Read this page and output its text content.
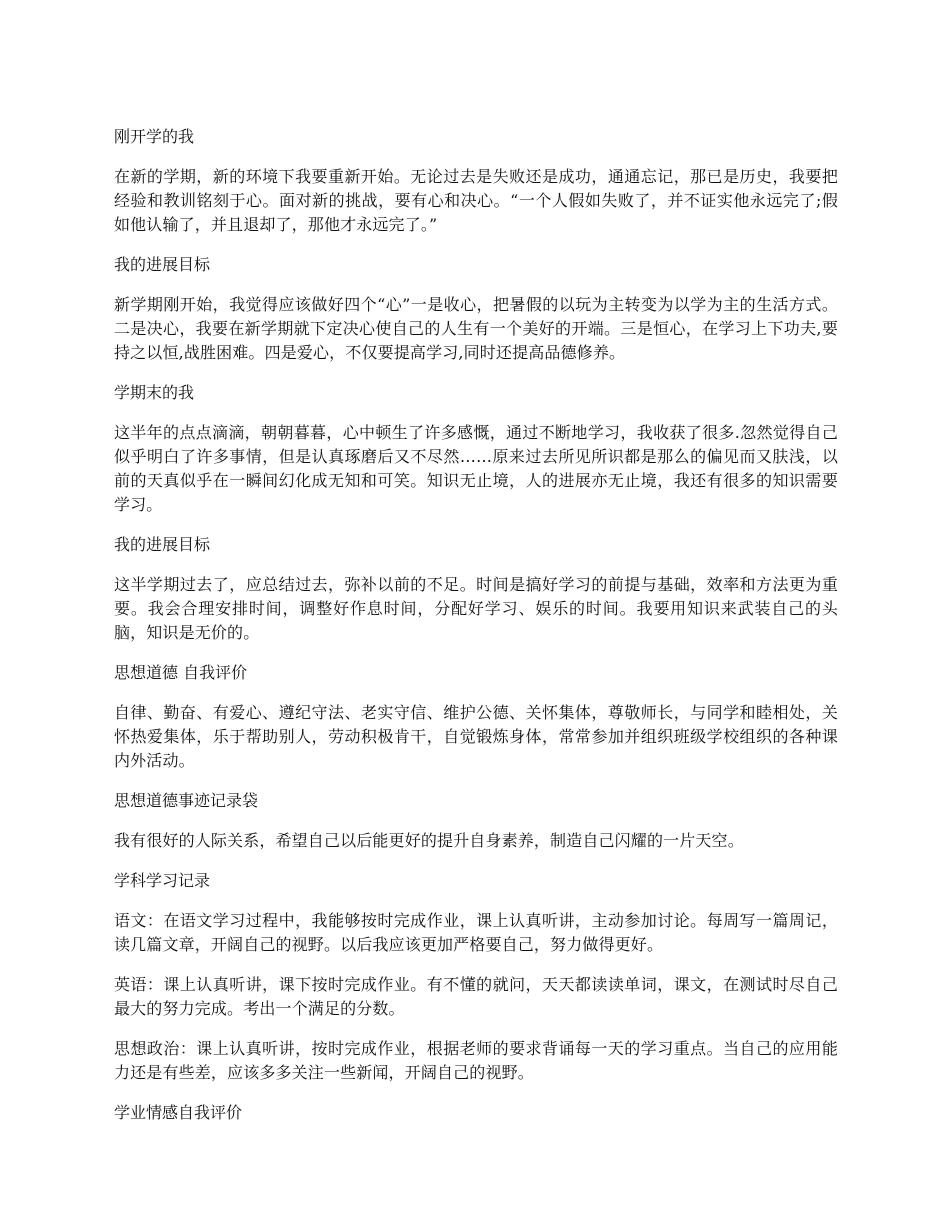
刚开学的我
在新的学期，新的环境下我要重新开始。无论过去是失败还是成功，通通忘记，那已是历史，我要把经验和教训铭刻于心。面对新的挑战，要有心和决心。“一个人假如失败了，并不证实他永远完了;假如他认输了，并且退却了，那他才永远完了。”
我的进展目标
新学期刚开始，我觉得应该做好四个“心”一是收心，把暑假的以玩为主转变为以学为主的生活方式。二是决心，我要在新学期就下定决心使自己的人生有一个美好的开端。三是恒心，在学习上下功夫,要持之以恒,战胜困难。四是爱心，不仅要提高学习,同时还提高品德修养。
学期末的我
这半年的点点滴滴，朝朝暮暮，心中顿生了许多感慨，通过不断地学习，我收获了很多.忽然觉得自己似乎明白了许多事情，但是认真琢磨后又不尽然……原来过去所见所识都是那么的偏见而又肤浅，以前的天真似乎在一瞬间幻化成无知和可笑。知识无止境，人的进展亦无止境，我还有很多的知识需要学习。
我的进展目标
这半学期过去了，应总结过去，弥补以前的不足。时间是搞好学习的前提与基础，效率和方法更为重要。我会合理安排时间，调整好作息时间，分配好学习、娱乐的时间。我要用知识来武装自己的头脑，知识是无价的。
思想道德 自我评价
自律、勤奋、有爱心、遵纪守法、老实守信、维护公德、关怀集体，尊敬师长，与同学和睦相处，关怀热爱集体，乐于帮助别人，劳动积极肯干，自觉锻炼身体，常常参加并组织班级学校组织的各种课内外活动。
思想道德事迹记录袋
我有很好的人际关系，希望自己以后能更好的提升自身素养，制造自己闪耀的一片天空。
学科学习记录
语文：在语文学习过程中，我能够按时完成作业，课上认真听讲，主动参加讨论。每周写一篇周记，读几篇文章，开阔自己的视野。以后我应该更加严格要自己，努力做得更好。
英语：课上认真听讲，课下按时完成作业。有不懂的就问，天天都读读单词，课文，在测试时尽自己最大的努力完成。考出一个满足的分数。
思想政治：课上认真听讲，按时完成作业，根据老师的要求背诵每一天的学习重点。当自己的应用能力还是有些差，应该多多关注一些新闻，开阔自己的视野。
学业情感自我评价
